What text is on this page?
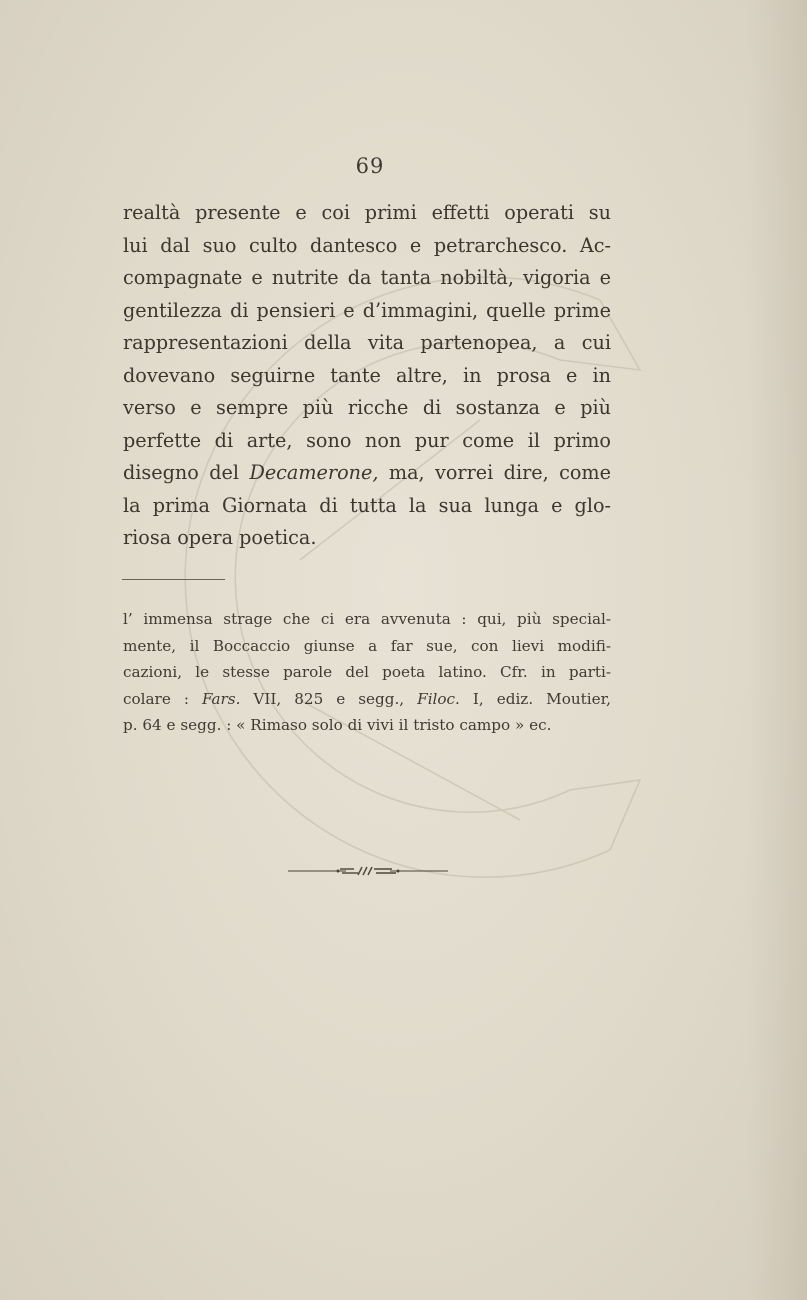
69
realtà presente e coi primi effetti operati su
lui dal suo culto dantesco e petrarchesco. Ac-
compagnate e nutrite da tanta nobiltà, vigoria e
gentilezza di pensieri e d’immagini, quelle prime
rappresentazioni della vita partenopea, a cui
dovevano seguirne tante altre, in prosa e in
verso e sempre più ricche di sostanza e più
perfette di arte, sono non pur come il primo
disegno del Decamerone, ma, vorrei dire, come
la prima Giornata di tutta la sua lunga e glo-
riosa opera poetica.
l’ immensa strage che ci era avvenuta : qui, più special-
mente, il Boccaccio giunse a far sue, con lievi modifi-
cazioni, le stesse parole del poeta latino. Cfr. in parti-
colare : Fars. VII, 825 e segg., Filoc. I, ediz. Moutier,
p. 64 e segg. : « Rimaso solo di vivi il tristo campo » ec.
